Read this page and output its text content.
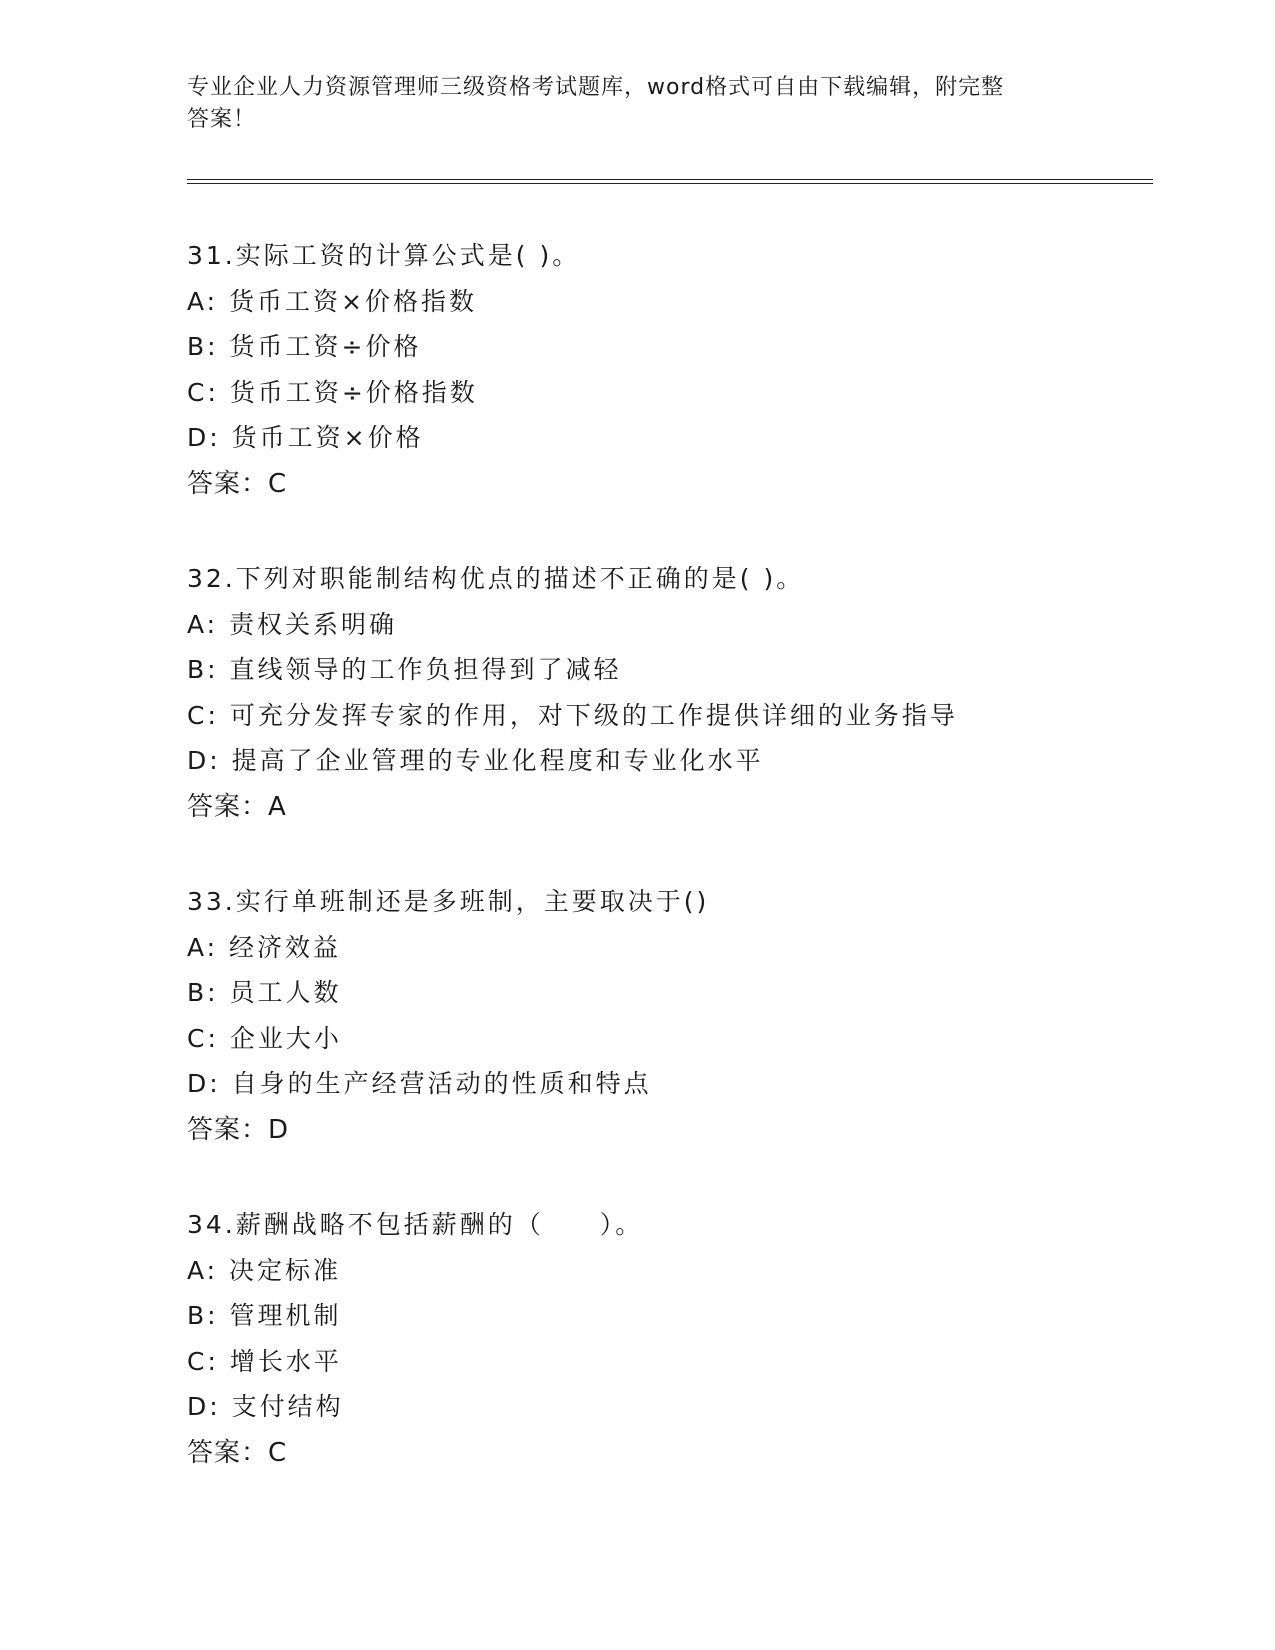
专业企业人力资源管理师三级资格考试题库，word格式可自由下载编辑，附完整
答案！
31.实际工资的计算公式是( )。
A: 货币工资×价格指数
B: 货币工资÷价格
C: 货币工资÷价格指数
D: 货币工资×价格
答案：C
32.下列对职能制结构优点的描述不正确的是( )。
A: 责权关系明确
B: 直线领导的工作负担得到了减轻
C: 可充分发挥专家的作用，对下级的工作提供详细的业务指导
D: 提高了企业管理的专业化程度和专业化水平
答案：A
33.实行单班制还是多班制，主要取决于()
A: 经济效益
B: 员工人数
C: 企业大小
D: 自身的生产经营活动的性质和特点
答案：D
34.薪酬战略不包括薪酬的（　　）。
A: 决定标准
B: 管理机制
C: 增长水平
D: 支付结构
答案：C
